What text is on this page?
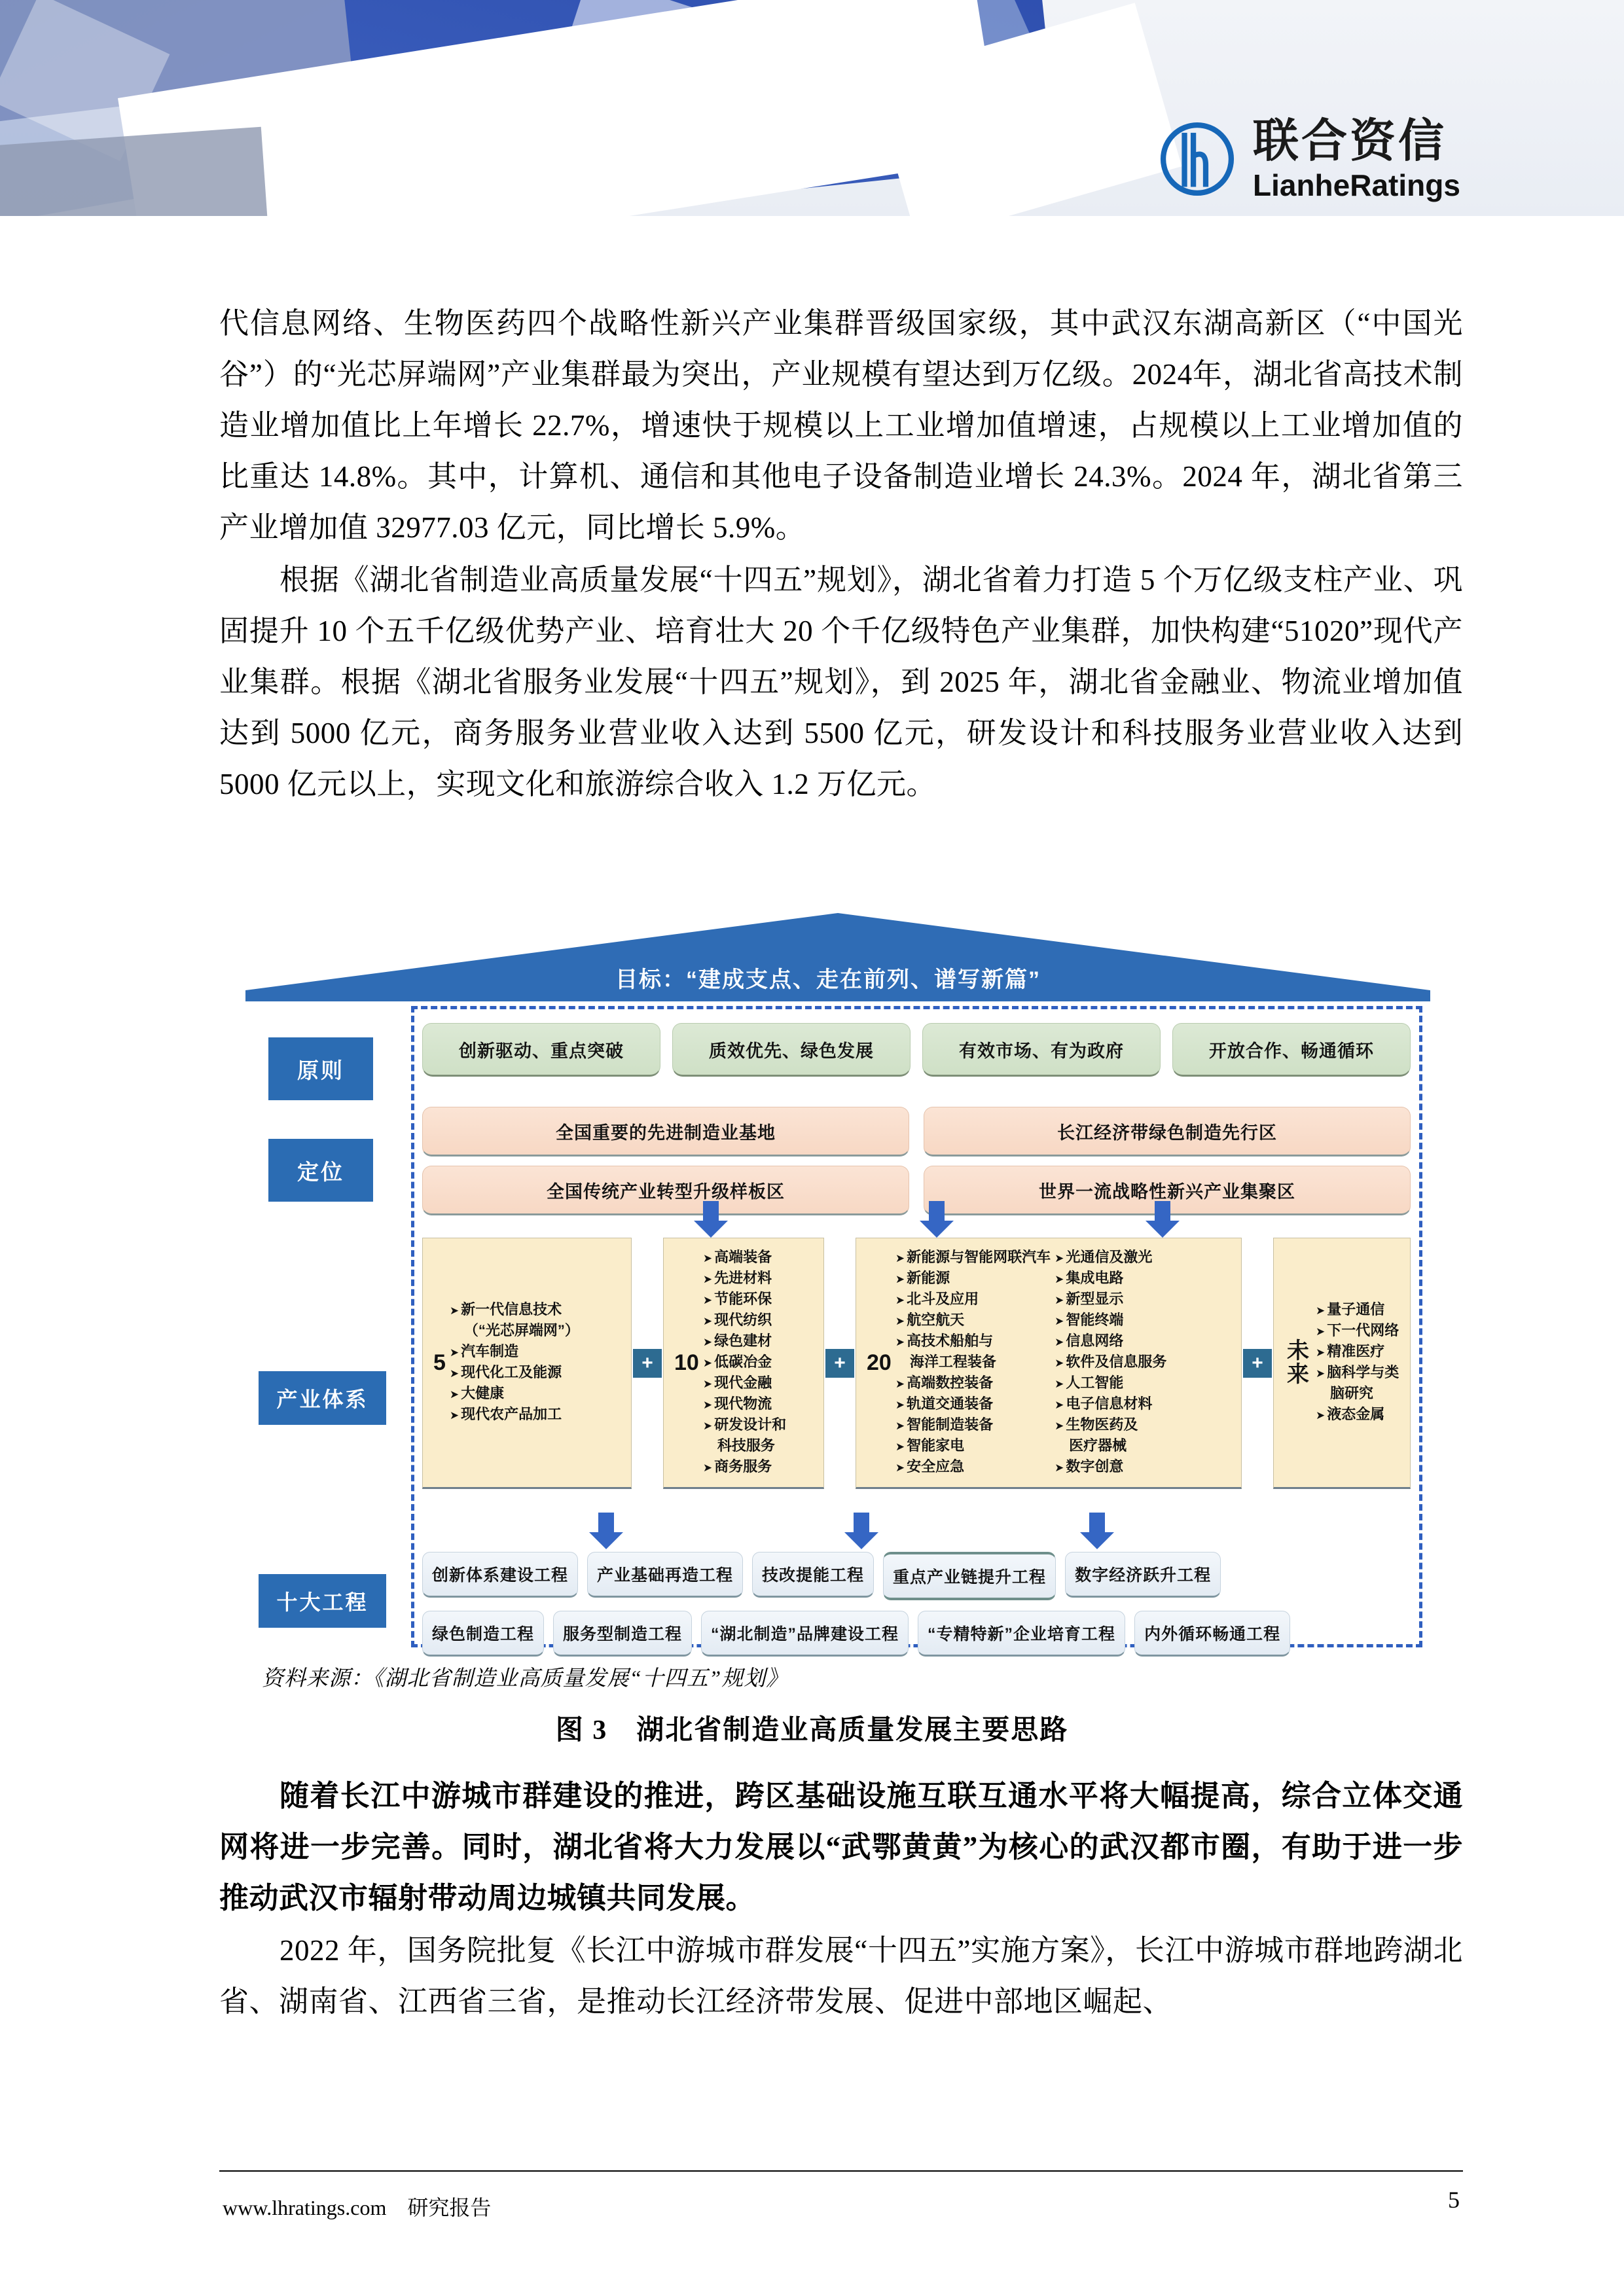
联合资信
LianheRatings

代信息网络、生物医药四个战略性新兴产业集群晋级国家级，其中武汉东湖高新区（“中国光谷”）的“光芯屏端网”产业集群最为突出，产业规模有望达到万亿级。2024年，湖北省高技术制造业增加值比上年增长 22.7%，增速快于规模以上工业增加值增速，占规模以上工业增加值的比重达 14.8%。其中，计算机、通信和其他电子设备制造业增长 24.3%。2024 年，湖北省第三产业增加值 32977.03 亿元，同比增长 5.9%。

根据《湖北省制造业高质量发展“十四五”规划》，湖北省着力打造 5 个万亿级支柱产业、巩固提升 10 个五千亿级优势产业、培育壮大 20 个千亿级特色产业集群，加快构建“51020”现代产业集群。根据《湖北省服务业发展“十四五”规划》，到 2025 年，湖北省金融业、物流业增加值达到 5000 亿元，商务服务业营业收入达到 5500 亿元，研发设计和科技服务业营业收入达到 5000 亿元以上，实现文化和旅游综合收入 1.2 万亿元。

目标：“建成支点、走在前列、谱写新篇”
原则
定位
产业体系
十大工程
创新驱动、重点突破	质效优先、绿色发展	有效市场、有为政府	开放合作、畅通循环
全国重要的先进制造业基地	长江经济带绿色制造先行区
全国传统产业转型升级样板区	世界一流战略性新兴产业集聚区
5
➤ 新一代信息技术
（“光芯屏端网”）
➤ 汽车制造
➤ 现代化工及能源
➤ 大健康
➤ 现代农产品加工
+ 10
➤ 高端装备
➤ 先进材料
➤ 节能环保
➤ 现代纺织
➤ 绿色建材
➤ 低碳冶金
➤ 现代金融
➤ 现代物流
➤ 研发设计和
科技服务
➤ 商务服务
+ 20
➤ 新能源与智能网联汽车
➤ 新能源
➤ 北斗及应用
➤ 航空航天
➤ 高技术船舶与
海洋工程装备
➤ 高端数控装备
➤ 轨道交通装备
➤ 智能制造装备
➤ 智能家电
➤ 安全应急
➤ 光通信及激光
➤ 集成电路
➤ 新型显示
➤ 智能终端
➤ 信息网络
➤ 软件及信息服务
➤ 人工智能
➤ 电子信息材料
➤ 生物医药及
医疗器械
➤ 数字创意
+	未来
➤ 量子通信
➤ 下一代网络
➤ 精准医疗
➤ 脑科学与类
脑研究
➤ 液态金属
创新体系建设工程	产业基础再造工程	技改提能工程	重点产业链提升工程	数字经济跃升工程
绿色制造工程	服务型制造工程	“湖北制造”品牌建设工程	“专精特新”企业培育工程	内外循环畅通工程
资料来源：《湖北省制造业高质量发展“十四五”规划》
图 3　湖北省制造业高质量发展主要思路

随着长江中游城市群建设的推进，跨区基础设施互联互通水平将大幅提高，综合立体交通网将进一步完善。同时，湖北省将大力发展以“武鄂黄黄”为核心的武汉都市圈，有助于进一步推动武汉市辐射带动周边城镇共同发展。

2022 年，国务院批复《长江中游城市群发展“十四五”实施方案》，长江中游城市群地跨湖北省、湖南省、江西省三省，是推动长江经济带发展、促进中部地区崛起、

www.lhratings.com　研究报告	5
